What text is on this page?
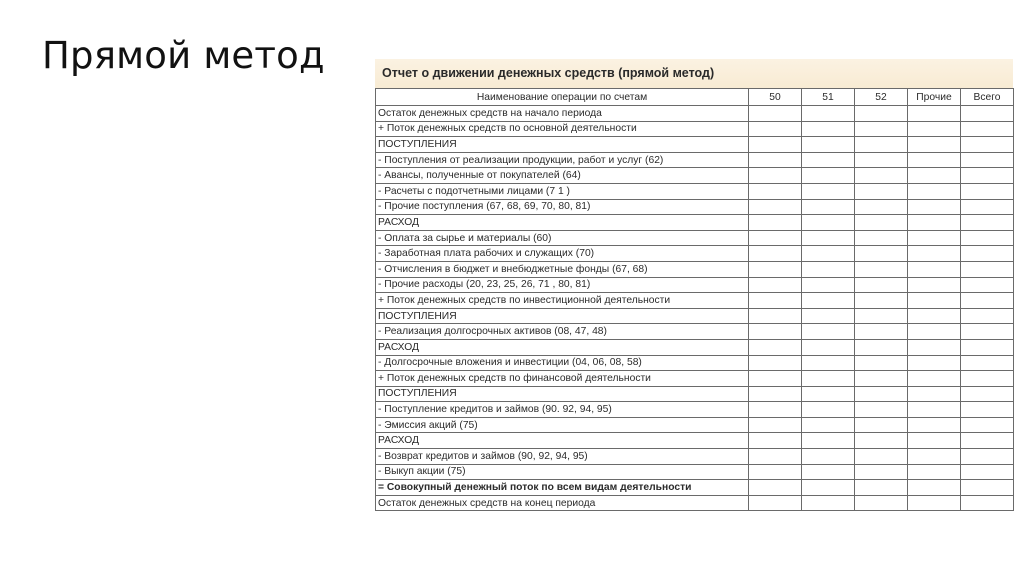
Прямой метод	Отчет о движении денежных средств (прямой метод)
Наименование операции по счетам	50	51	52	Прочие	Всего
Остаток денежных средств на начало периода					
+ Поток денежных средств по основной деятельности					
ПОСТУПЛЕНИЯ					
- Поступления от реализации продукции, работ и услуг (62)					
- Авансы, полученные от покупателей (64)					
- Расчеты с подотчетными лицами (7 1 )					
- Прочие поступления (67, 68, 69, 70, 80, 81)					
РАСХОД					
- Оплата за сырье и материалы (60)					
- Заработная плата рабочих и служащих (70)					
- Отчисления в бюджет и внебюджетные фонды (67, 68)					
- Прочие расходы (20, 23, 25, 26, 71 , 80, 81)					
+ Поток денежных средств по инвестиционной деятельности					
ПОСТУПЛЕНИЯ					
- Реализация долгосрочных активов (08, 47, 48)					
РАСХОД					
- Долгосрочные вложения и инвестиции (04, 06, 08, 58)					
+ Поток денежных средств по финансовой деятельности					
ПОСТУПЛЕНИЯ					
- Поступление кредитов и займов (90. 92, 94, 95)					
- Эмиссия акций (75)					
РАСХОД					
- Возврат кредитов и займов (90, 92, 94, 95)					
- Выкуп акции (75)					
= Совокупный денежный поток по всем видам деятельности					
Остаток денежных средств на конец периода					
